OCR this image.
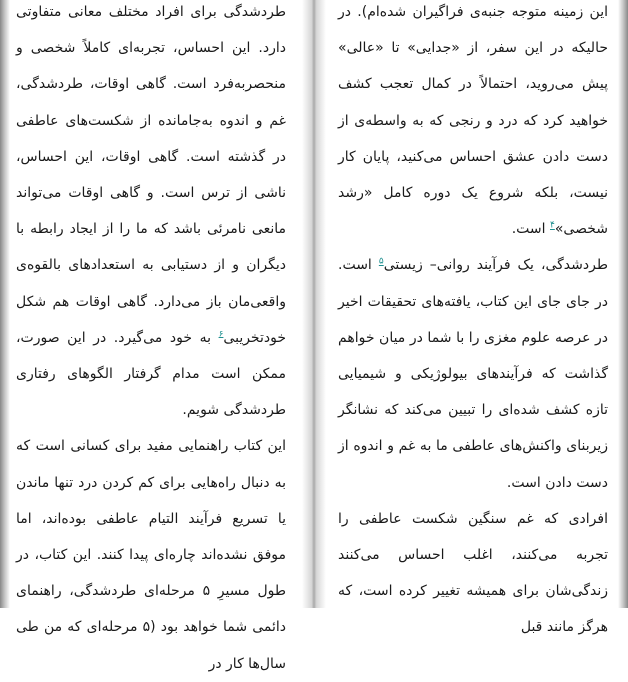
طردشدگی برای افراد مختلف معانی متفاوتی دارد. این احساس، تجربه‌ای کاملاً شخصی و منحصربه‌فرد است. گاهی اوقات، طردشدگی، غم و اندوه به‌جامانده از شکست‌های عاطفی در گذشته است. گاهی اوقات، این احساس، ناشی از ترس است. و گاهی اوقات می‌تواند مانعی نامرئی باشد که ما را از ایجاد رابطه با دیگران و از دستیابی به استعدادهای بالقوه‌ی واقعی‌مان باز می‌دارد. گاهی اوقات هم شکل خودتخریبی$^۶$ به خود می‌گیرد. در این صورت، ممکن است مدام گرفتار الگوهای رفتاری طردشدگی شویم.

این کتاب راهنمایی مفید برای کسانی است که به دنبال راه‌هایی برای کم کردن درد تنها ماندن یا تسریع فرآیند التیام عاطفی بوده‌اند، اما موفق نشده‌اند چاره‌ای پیدا کنند. این کتاب، در طول مسیرِ ۵ مرحله‌ای طردشدگی، راهنمای دائمی شما خواهد بود (۵ مرحله‌ای که من طی سال‌ها کار در

این زمینه متوجه جنبه‌ی فراگیران شده‌ام). در حالیکه در این سفر، از «جدایی» تا «عالی» پیش می‌روید، احتمالاً در کمال تعجب کشف خواهید کرد که درد و رنجی که به واسطه‌ی از دست دادن عشق احساس می‌کنید، پایان کار نیست، بلکه شروع یک دوره کامل «رشد شخصی»$^۴$ است.

طردشدگی، یک فرآیند روانی– زیستی$^۵$ است. در جای جای این کتاب، یافته‌های تحقیقات اخیر در عرصه علوم مغزی را با شما در میان خواهم گذاشت که فرآیندهای بیولوژیکی و شیمیایی تازه کشف شده‌ای را تبیین می‌کند که نشانگر زیربنای واکنش‌های عاطفی ما به غم و اندوه از دست دادن است.

افرادی که غم سنگین شکست عاطفی را تجربه می‌کنند، اغلب احساس می‌کنند زندگی‌شان برای همیشه تغییر کرده است، که هرگز مانند قبل
